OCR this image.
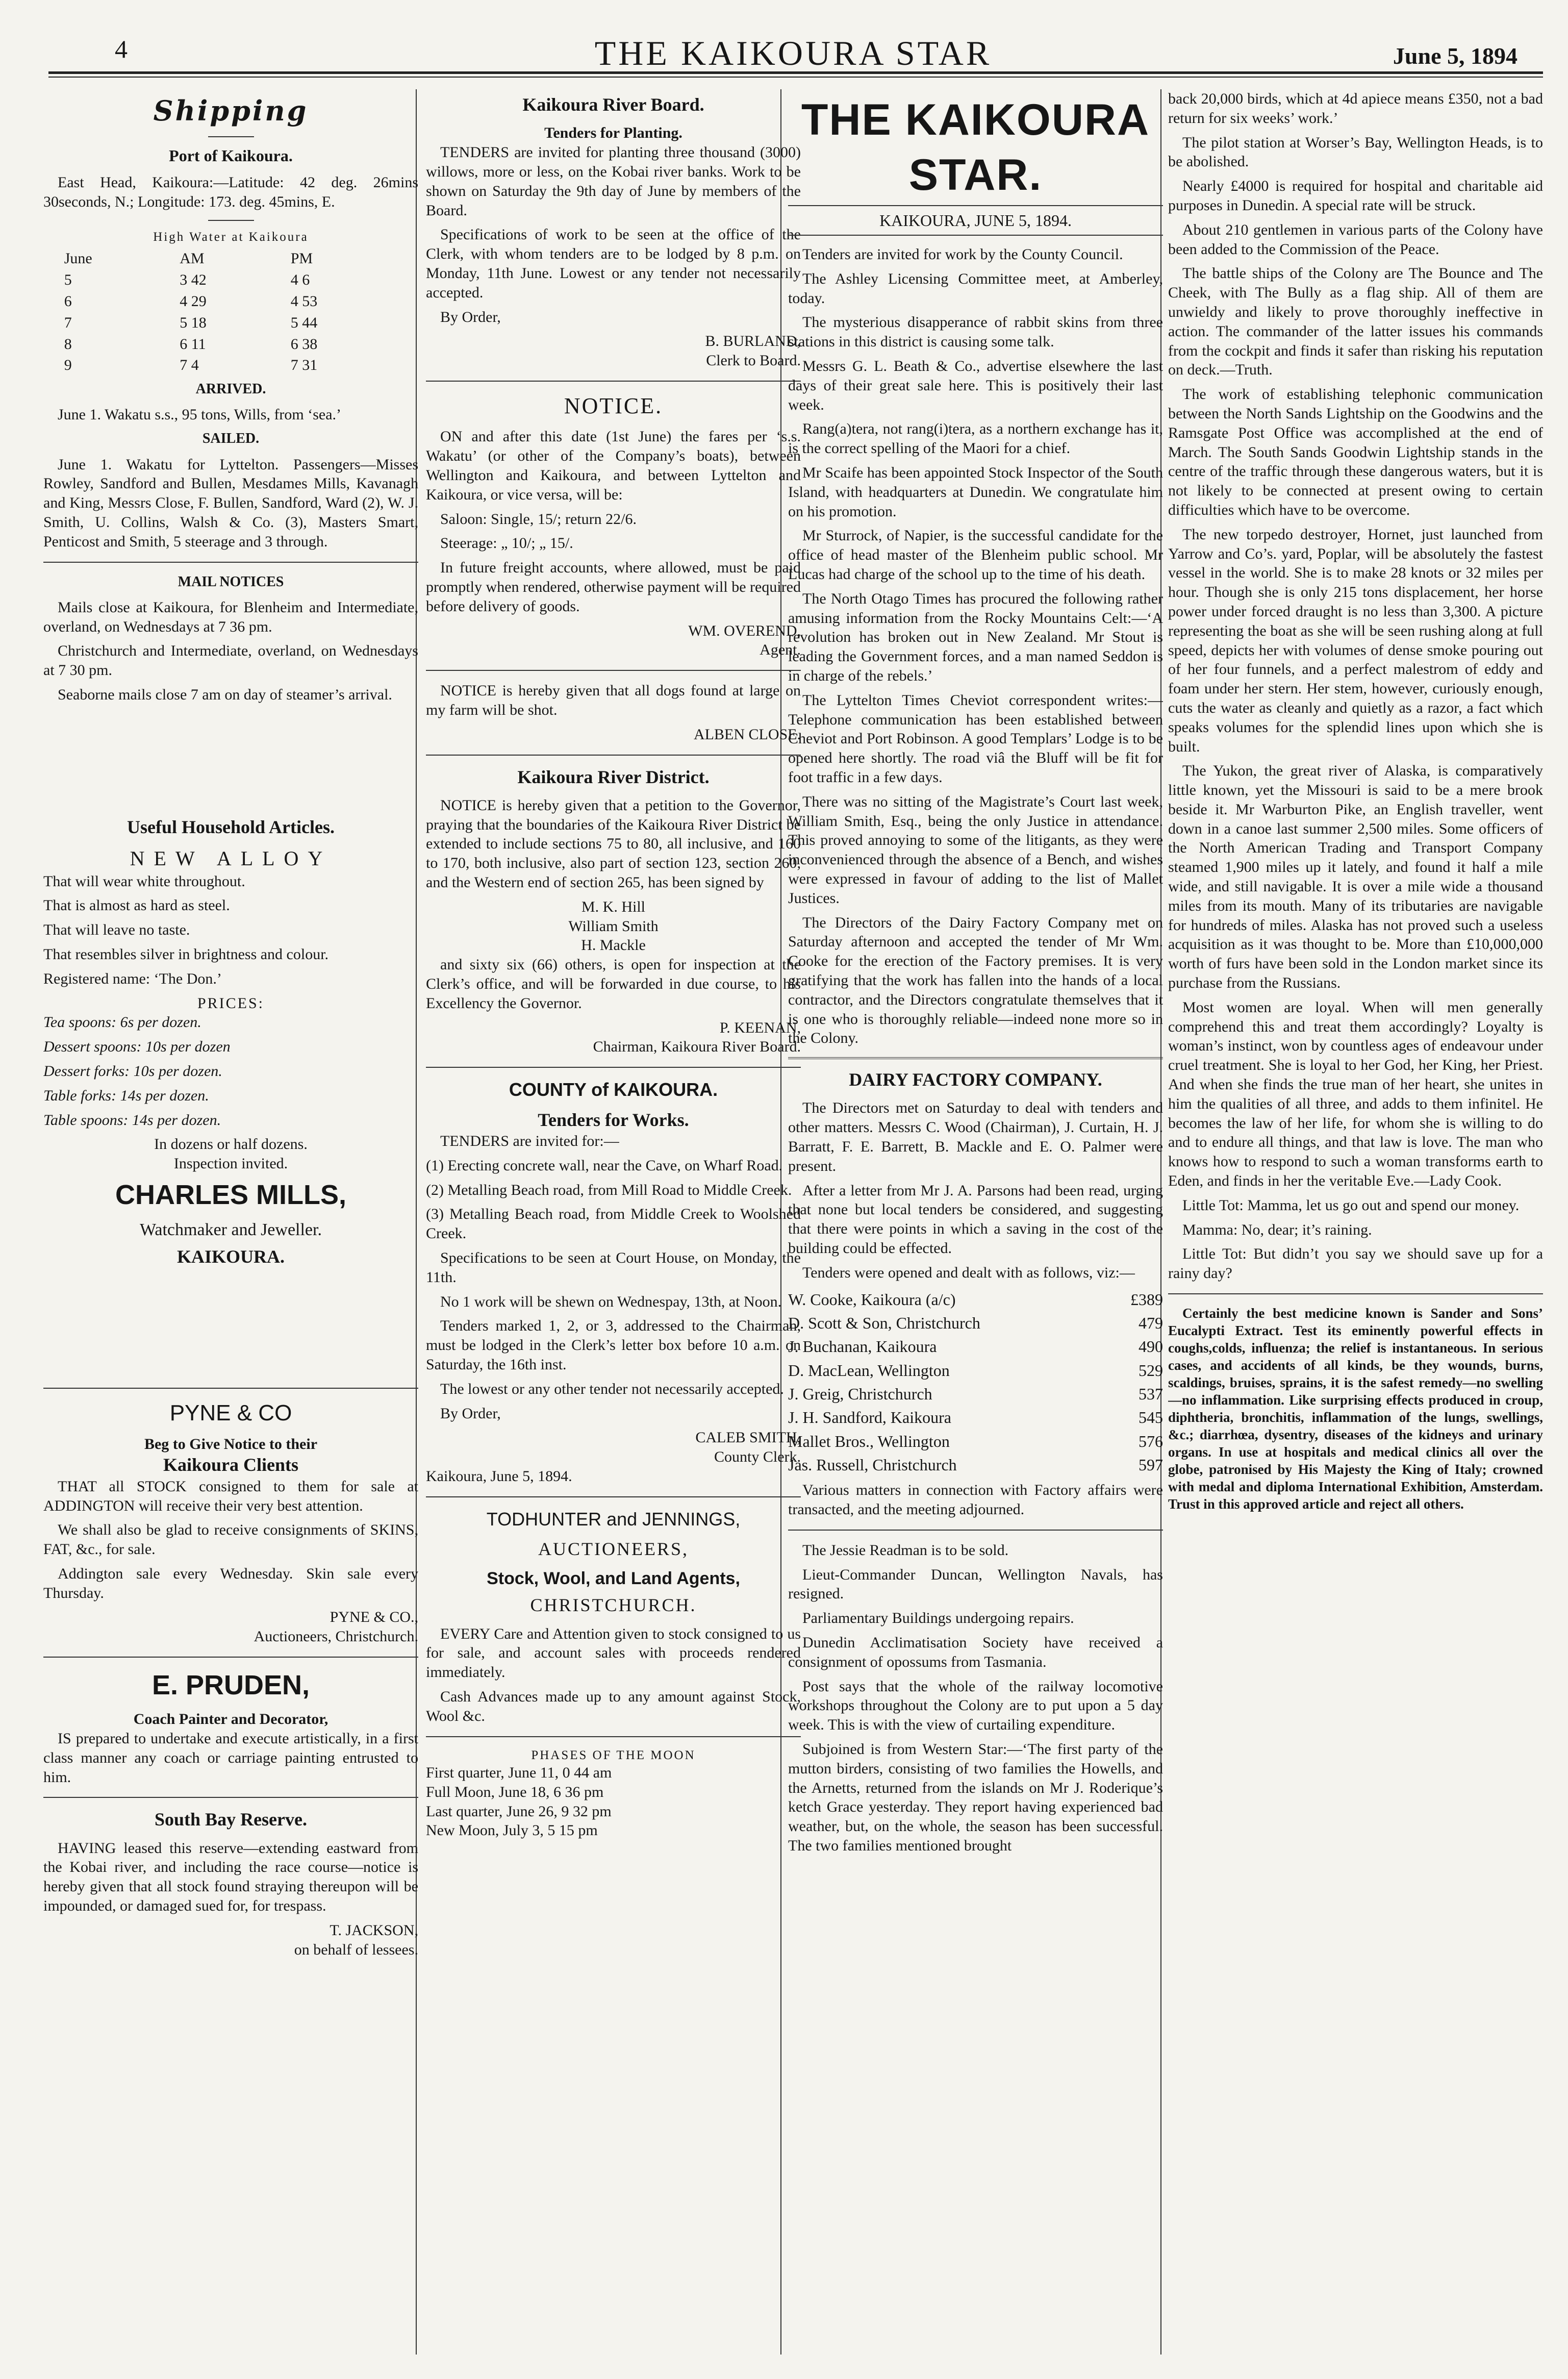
4	THE KAIKOURA STAR	June 5, 1894
Shipping
Port of Kaikoura.

East Head, Kaikoura:—Latitude: 42 deg. 26mins 30seconds, N.; Longitude: 173. deg. 45mins, E.

High Water at Kaikoura
June	AM	PM
5	3 42	4 6
6	4 29	4 53
7	5 18	5 44
8	6 11	6 38
9	7 4	7 31
ARRIVED.

June 1. Wakatu s.s., 95 tons, Wills, from ‘sea.’

SAILED.

June 1. Wakatu for Lyttelton. Passengers—Misses Rowley, Sandford and Bullen, Mesdames Mills, Kavanagh and King, Messrs Close, F. Bullen, Sandford, Ward (2), W. J. Smith, U. Collins, Walsh & Co. (3), Masters Smart, Penticost and Smith, 5 steerage and 3 through.

MAIL NOTICES

Mails close at Kaikoura, for Blenheim and Intermediate, overland, on Wednesdays at 7 36 pm.

Christchurch and Intermediate, overland, on Wednesdays at 7 30 pm.

Seaborne mails close 7 am on day of steamer’s arrival.

Useful Household Articles.
NEW ALLOY

That will wear white throughout.

That is almost as hard as steel.

That will leave no taste.

That resembles silver in brightness and colour.

Registered name: ‘The Don.’

PRICES:

Tea spoons: 6s per dozen.

Dessert spoons: 10s per dozen

Dessert forks: 10s per dozen.

Table forks: 14s per dozen.

Table spoons: 14s per dozen.

In dozens or half dozens.
Inspection invited.
CHARLES MILLS,
Watchmaker and Jeweller.
KAIKOURA.
PYNE & CO
Beg to Give Notice to their
Kaikoura Clients

THAT all STOCK consigned to them for sale at ADDINGTON will receive their very best attention.

We shall also be glad to receive consignments of SKINS, FAT, &c., for sale.

Addington sale every Wednesday. Skin sale every Thursday.

PYNE & CO.,
Auctioneers, Christchurch.
E. PRUDEN,
Coach Painter and Decorator,

IS prepared to undertake and execute artistically, in a first class manner any coach or carriage painting entrusted to him.

South Bay Reserve.

HAVING leased this reserve—extending eastward from the Kobai river, and including the race course—notice is hereby given that all stock found straying thereupon will be impounded, or damaged sued for, for trespass.

T. JACKSON,
on behalf of lessees.
Kaikoura River Board.
Tenders for Planting.

TENDERS are invited for planting three thousand (3000) willows, more or less, on the Kobai river banks. Work to be shown on Saturday the 9th day of June by members of the Board.

Specifications of work to be seen at the office of the Clerk, with whom tenders are to be lodged by 8 p.m. on Monday, 11th June. Lowest or any tender not necessarily accepted.

By Order,

B. BURLAND,
Clerk to Board.
NOTICE.

ON and after this date (1st June) the fares per ‘s.s. Wakatu’ (or other of the Company’s boats), between Wellington and Kaikoura, and between Lyttelton and Kaikoura, or vice versa, will be:

Saloon: Single, 15/; return 22/6.

Steerage: „ 10/; „ 15/.

In future freight accounts, where allowed, must be paid promptly when rendered, otherwise payment will be required before delivery of goods.

WM. OVEREND,
Agent.

NOTICE is hereby given that all dogs found at large on my farm will be shot.

ALBEN CLOSE.
Kaikoura River District.

NOTICE is hereby given that a petition to the Governor, praying that the boundaries of the Kaikoura River District be extended to include sections 75 to 80, all inclusive, and 160 to 170, both inclusive, also part of section 123, section 260, and the Western end of section 265, has been signed by

M. K. Hill
William Smith
H. Mackle

and sixty six (66) others, is open for inspection at the Clerk’s office, and will be forwarded in due course, to his Excellency the Governor.

P. KEENAN,
Chairman, Kaikoura River Board.
COUNTY of KAIKOURA.
Tenders for Works.

TENDERS are invited for:—

(1) Erecting concrete wall, near the Cave, on Wharf Road.

(2) Metalling Beach road, from Mill Road to Middle Creek.

(3) Metalling Beach road, from Middle Creek to Woolshed Creek.

Specifications to be seen at Court House, on Monday, the 11th.

No 1 work will be shewn on Wednespay, 13th, at Noon.

Tenders marked 1, 2, or 3, addressed to the Chairman, must be lodged in the Clerk’s letter box before 10 a.m. on Saturday, the 16th inst.

The lowest or any other tender not necessarily accepted.

By Order,

CALEB SMITH,
County Clerk.

Kaikoura, June 5, 1894.

TODHUNTER and JENNINGS,
AUCTIONEERS,
Stock, Wool, and Land Agents,
CHRISTCHURCH.

EVERY Care and Attention given to stock consigned to us for sale, and account sales with proceeds rendered immediately.

Cash Advances made up to any amount against Stock, Wool &c.

PHASES OF THE MOON
First quarter, June 11, 0 44 am
Full Moon, June 18, 6 36 pm
Last quarter, June 26, 9 32 pm
New Moon, July 3, 5 15 pm
THE KAIKOURA STAR.
KAIKOURA, JUNE 5, 1894.

Tenders are invited for work by the County Council.

The Ashley Licensing Committee meet, at Amberley, today.

The mysterious disapperance of rabbit skins from three stations in this district is causing some talk.

Messrs G. L. Beath & Co., advertise elsewhere the last days of their great sale here. This is positively their last week.

Rang(a)tera, not rang(i)tera, as a northern exchange has it, is the correct spelling of the Maori for a chief.

Mr Scaife has been appointed Stock Inspector of the South Island, with headquarters at Dunedin. We congratulate him on his promotion.

Mr Sturrock, of Napier, is the successful candidate for the office of head master of the Blenheim public school. Mr Lucas had charge of the school up to the time of his death.

The North Otago Times has procured the following rather amusing information from the Rocky Mountains Celt:—‘A revolution has broken out in New Zealand. Mr Stout is leading the Government forces, and a man named Seddon is in charge of the rebels.’

The Lyttelton Times Cheviot correspondent writes:—Telephone communication has been established between Cheviot and Port Robinson. A good Templars’ Lodge is to be opened here shortly. The road viâ the Bluff will be fit for foot traffic in a few days.

There was no sitting of the Magistrate’s Court last week, William Smith, Esq., being the only Justice in attendance. This proved annoying to some of the litigants, as they were inconvenienced through the absence of a Bench, and wishes were expressed in favour of adding to the list of Mallet Justices.

The Directors of the Dairy Factory Company met on Saturday afternoon and accepted the tender of Mr Wm. Cooke for the erection of the Factory premises. It is very gratifying that the work has fallen into the hands of a local contractor, and the Directors congratulate themselves that it is one who is thoroughly reliable—indeed none more so in the Colony.

DAIRY FACTORY COMPANY.

The Directors met on Saturday to deal with tenders and other matters. Messrs C. Wood (Chairman), J. Curtain, H. J. Barratt, F. E. Barrett, B. Mackle and E. O. Palmer were present.

After a letter from Mr J. A. Parsons had been read, urging that none but local tenders be considered, and suggesting that there were points in which a saving in the cost of the building could be effected.

Tenders were opened and dealt with as follows, viz:—

W. Cooke, Kaikoura (a/c)	£389
D. Scott & Son, Christchurch	479
J. Buchanan, Kaikoura	490
D. MacLean, Wellington	529
J. Greig, Christchurch	537
J. H. Sandford, Kaikoura	545
Mallet Bros., Wellington	576
Jas. Russell, Christchurch	597

Various matters in connection with Factory affairs were transacted, and the meeting adjourned.

The Jessie Readman is to be sold.

Lieut-Commander Duncan, Wellington Navals, has resigned.

Parliamentary Buildings undergoing repairs.

Dunedin Acclimatisation Society have received a consignment of opossums from Tasmania.

Post says that the whole of the railway locomotive workshops throughout the Colony are to put upon a 5 day week. This is with the view of curtailing expenditure.

Subjoined is from Western Star:—‘The first party of the mutton birders, consisting of two families the Howells, and the Arnetts, returned from the islands on Mr J. Roderique’s ketch Grace yesterday. They report having experienced bad weather, but, on the whole, the season has been successful. The two families mentioned brought

back 20,000 birds, which at 4d apiece means £350, not a bad return for six weeks’ work.’

The pilot station at Worser’s Bay, Wellington Heads, is to be abolished.

Nearly £4000 is required for hospital and charitable aid purposes in Dunedin. A special rate will be struck.

About 210 gentlemen in various parts of the Colony have been added to the Commission of the Peace.

The battle ships of the Colony are The Bounce and The Cheek, with The Bully as a flag ship. All of them are unwieldy and likely to prove thoroughly ineffective in action. The commander of the latter issues his commands from the cockpit and finds it safer than risking his reputation on deck.—Truth.

The work of establishing telephonic communication between the North Sands Lightship on the Goodwins and the Ramsgate Post Office was accomplished at the end of March. The South Sands Goodwin Lightship stands in the centre of the traffic through these dangerous waters, but it is not likely to be connected at present owing to certain difficulties which have to be overcome.

The new torpedo destroyer, Hornet, just launched from Yarrow and Co’s. yard, Poplar, will be absolutely the fastest vessel in the world. She is to make 28 knots or 32 miles per hour. Though she is only 215 tons displacement, her horse power under forced draught is no less than 3,300. A picture representing the boat as she will be seen rushing along at full speed, depicts her with volumes of dense smoke pouring out of her four funnels, and a perfect malestrom of eddy and foam under her stern. Her stem, however, curiously enough, cuts the water as cleanly and quietly as a razor, a fact which speaks volumes for the splendid lines upon which she is built.

The Yukon, the great river of Alaska, is comparatively little known, yet the Missouri is said to be a mere brook beside it. Mr Warburton Pike, an English traveller, went down in a canoe last summer 2,500 miles. Some officers of the North American Trading and Transport Company steamed 1,900 miles up it lately, and found it half a mile wide, and still navigable. It is over a mile wide a thousand miles from its mouth. Many of its tributaries are navigable for hundreds of miles. Alaska has not proved such a useless acquisition as it was thought to be. More than £10,000,000 worth of furs have been sold in the London market since its purchase from the Russians.

Most women are loyal. When will men generally comprehend this and treat them accordingly? Loyalty is woman’s instinct, won by countless ages of endeavour under cruel treatment. She is loyal to her God, her King, her Priest. And when she finds the true man of her heart, she unites in him the qualities of all three, and adds to them infinitel. He becomes the law of her life, for whom she is willing to do and to endure all things, and that law is love. The man who knows how to respond to such a woman transforms earth to Eden, and finds in her the veritable Eve.—Lady Cook.

Little Tot: Mamma, let us go out and spend our money.

Mamma: No, dear; it’s raining.

Little Tot: But didn’t you say we should save up for a rainy day?

Certainly the best medicine known is Sander and Sons’ Eucalypti Extract. Test its eminently powerful effects in coughs,colds, influenza; the relief is instantaneous. In serious cases, and accidents of all kinds, be they wounds, burns, scaldings, bruises, sprains, it is the safest remedy—no swelling—no inflammation. Like surprising effects produced in croup, diphtheria, bronchitis, inflammation of the lungs, swellings, &c.; diarrhœa, dysentry, diseases of the kidneys and urinary organs. In use at hospitals and medical clinics all over the globe, patronised by His Majesty the King of Italy; crowned with medal and diploma International Exhibition, Amsterdam. Trust in this approved article and reject all others.
